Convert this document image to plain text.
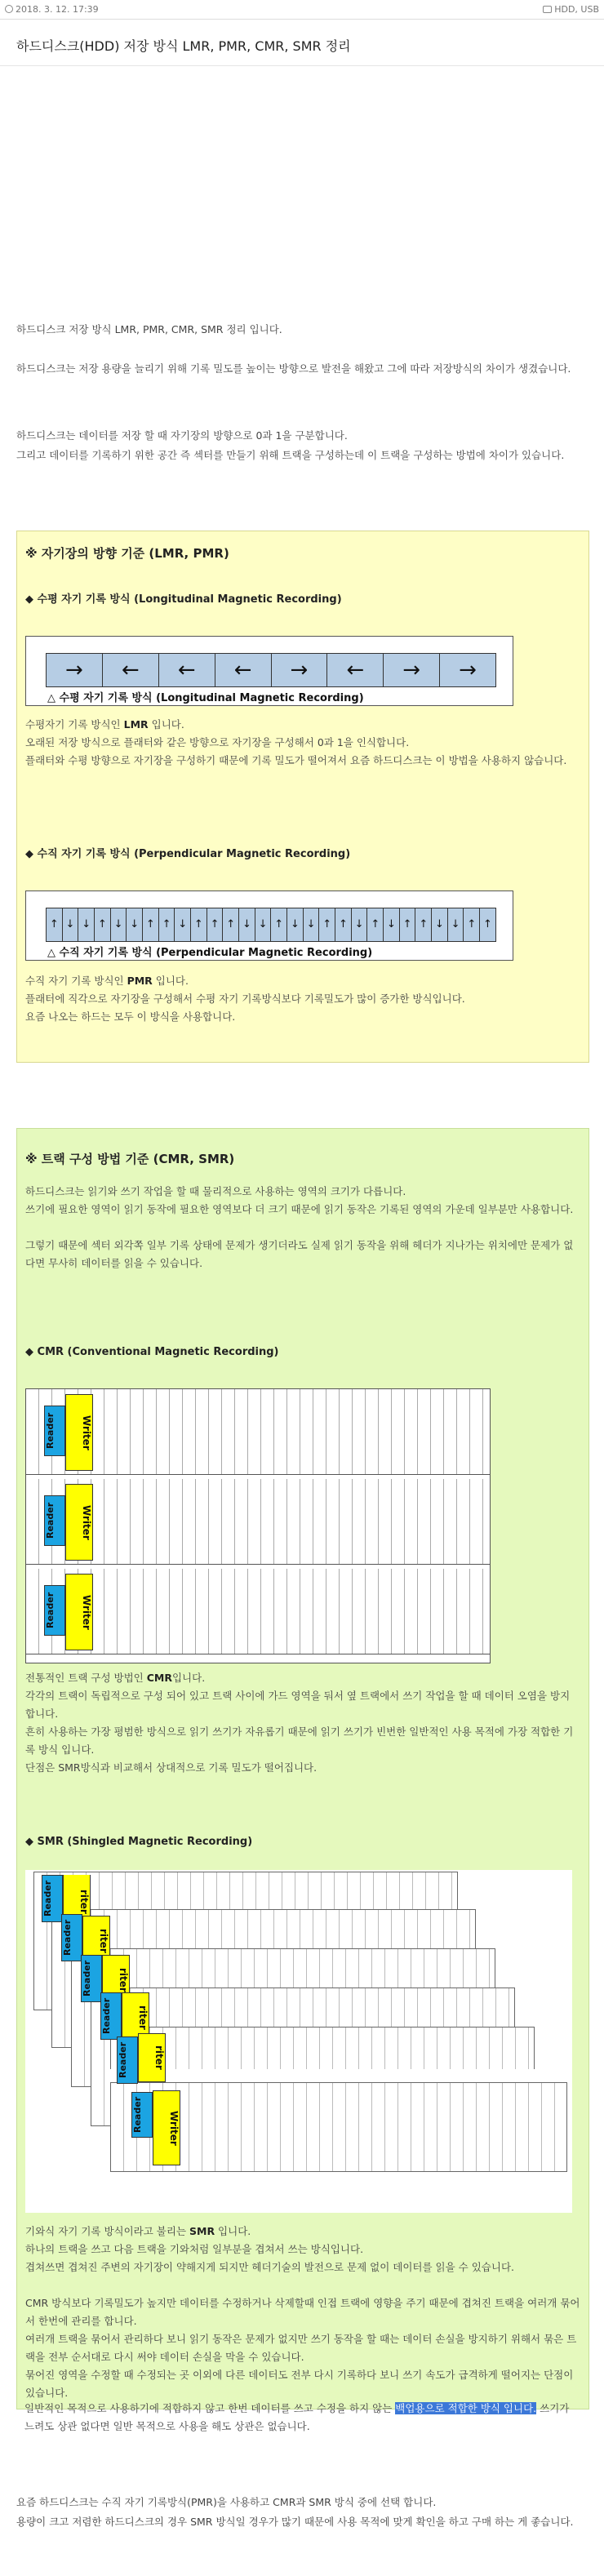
2018. 3. 12. 17:39	HDD, USB
하드디스크(HDD) 저장 방식 LMR, PMR, CMR, SMR 정리
하드디스크 저장 방식 LMR, PMR, CMR, SMR 정리 입니다.
하드디스크는 저장 용량을 늘리기 위해 기록 밀도를 높이는 방향으로 발전을 해왔고 그에 따라 저장방식의 차이가 생겼습니다.
하드디스크는 데이터를 저장 할 때 자기장의 방향으로 0과 1을 구분합니다.
그리고 데이터를 기록하기 위한 공간 즉 섹터를 만들기 위해 트랙을 구성하는데 이 트랙을 구성하는 방법에 차이가 있습니다.
※ 자기장의 방향 기준 (LMR, PMR)
◆ 수평 자기 기록 방식 (Longitudinal Magnetic Recording)
→	←	←	←	→	←	→	→
△ 수평 자기 기록 방식 (Longitudinal Magnetic Recording)
수평자기 기록 방식인 LMR 입니다.
오래된 저장 방식으로 플래터와 같은 방향으로 자기장을 구성해서 0과 1을 인식합니다.
플래터와 수평 방향으로 자기장을 구성하기 때문에 기록 밀도가 떨어져서 요즘 하드디스크는 이 방법을 사용하지 않습니다.
◆ 수직 자기 기록 방식 (Perpendicular Magnetic Recording)
↑ ↓ ↓ ↑ ↓ ↓ ↑ ↑ ↓ ↑ ↑ ↑ ↓ ↓ ↑ ↓ ↓ ↑ ↑ ↓ ↑ ↓ ↑ ↑ ↓ ↓ ↑ ↑
△ 수직 자기 기록 방식 (Perpendicular Magnetic Recording)
수직 자기 기록 방식인 PMR 입니다.
플래터에 직각으로 자기장을 구성해서 수평 자기 기록방식보다 기록밀도가 많이 증가한 방식입니다.
요즘 나오는 하드는 모두 이 방식을 사용합니다.
※ 트랙 구성 방법 기준 (CMR, SMR)
하드디스크는 읽기와 쓰기 작업을 할 때 물리적으로 사용하는 영역의 크기가 다릅니다.
쓰기에 필요한 영역이 읽기 동작에 필요한 영역보다 더 크기 때문에 읽기 동작은 기록된 영역의 가운데 일부분만 사용합니다.
그렇기 때문에 섹터 외각쪽 일부 기록 상태에 문제가 생기더라도 실제 읽기 동작을 위해 헤더가 지나가는 위치에만 문제가 없다면 무사히 데이터를 읽을 수 있습니다.
◆ CMR (Conventional Magnetic Recording)
Reader	Writer
Reader	Writer
Reader	Writer
전통적인 트랙 구성 방법인 CMR입니다.
각각의 트랙이 독립적으로 구성 되어 있고 트랙 사이에 가드 영역을 둬서 옆 트랙에서 쓰기 작업을 할 때 데이터 오염을 방지 합니다.
흔히 사용하는 가장 평범한 방식으로 읽기 쓰기가 자유롭기 때문에 읽기 쓰기가 빈번한 일반적인 사용 목적에 가장 적합한 기록 방식 입니다.
단점은 SMR방식과 비교해서 상대적으로 기록 밀도가 떨어집니다.
◆ SMR (Shingled Magnetic Recording)
Reader	riter
Reader	riter
Reader	riter
Reader	riter
Reader	riter
Reader	Writer
기와식 자기 기록 방식이라고 불리는 SMR 입니다.
하나의 트랙을 쓰고 다음 트랙을 기와처럼 일부분을 겹쳐서 쓰는 방식입니다.
겹쳐쓰면 겹쳐진 주변의 자기장이 약해지게 되지만 헤더기술의 발전으로 문제 없이 데이터를 읽을 수 있습니다.
CMR 방식보다 기록밀도가 높지만 데이터를 수정하거나 삭제할때 인접 트랙에 영향을 주기 때문에 겹쳐진 트랙을 여러개 묶어서 한번에 관리를 합니다.
여러개 트랙을 묶어서 관리하다 보니 읽기 동작은 문제가 없지만 쓰기 동작을 할 때는 데이터 손실을 방지하기 위해서 묶은 트랙을 전부 순서대로 다시 써야 데이터 손실을 막을 수 있습니다.
묶어진 영역을 수정할 때 수정되는 곳 이외에 다른 데이터도 전부 다시 기록하다 보니 쓰기 속도가 급격하게 떨어지는 단점이 있습니다.
일반적인 목적으로 사용하기에 적합하지 않고 한번 데이터를 쓰고 수정을 하지 않는 백업용으로 적합한 방식 입니다. 쓰기가 느려도 상관 없다면 일반 목적으로 사용을 해도 상관은 없습니다.
요즘 하드디스크는 수직 자기 기록방식(PMR)을 사용하고 CMR과 SMR 방식 중에 선택 합니다.
용량이 크고 저렴한 하드디스크의 경우 SMR 방식일 경우가 많기 때문에 사용 목적에 맞게 확인을 하고 구매 하는 게 좋습니다.
